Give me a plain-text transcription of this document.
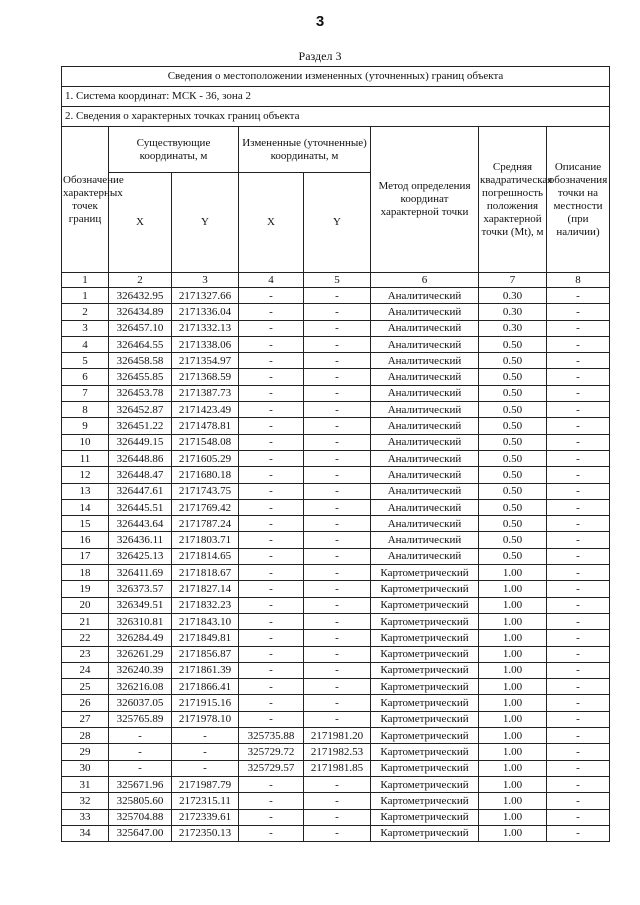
3
Раздел 3
Сведения о местоположении измененных (уточненных) границ объекта							
1. Система координат: МСК - 36, зона 2							
2. Сведения о характерных точках границ объекта							
Обозначение характерных точек границ	Существующие координаты, м		Измененные (уточненные) координаты, м		Метод определения координат характерной точки	Средняя квадратическая погрешность положения характерной точки (Mt), м	Описание обозначения точки на местности (при наличии)
	X	Y	X	Y			
1	2	3	4	5	6	7	8
1	326432.95	2171327.66	-	-	Аналитический	0.30	-
2	326434.89	2171336.04	-	-	Аналитический	0.30	-
3	326457.10	2171332.13	-	-	Аналитический	0.30	-
4	326464.55	2171338.06	-	-	Аналитический	0.50	-
5	326458.58	2171354.97	-	-	Аналитический	0.50	-
6	326455.85	2171368.59	-	-	Аналитический	0.50	-
7	326453.78	2171387.73	-	-	Аналитический	0.50	-
8	326452.87	2171423.49	-	-	Аналитический	0.50	-
9	326451.22	2171478.81	-	-	Аналитический	0.50	-
10	326449.15	2171548.08	-	-	Аналитический	0.50	-
11	326448.86	2171605.29	-	-	Аналитический	0.50	-
12	326448.47	2171680.18	-	-	Аналитический	0.50	-
13	326447.61	2171743.75	-	-	Аналитический	0.50	-
14	326445.51	2171769.42	-	-	Аналитический	0.50	-
15	326443.64	2171787.24	-	-	Аналитический	0.50	-
16	326436.11	2171803.71	-	-	Аналитический	0.50	-
17	326425.13	2171814.65	-	-	Аналитический	0.50	-
18	326411.69	2171818.67	-	-	Картометрический	1.00	-
19	326373.57	2171827.14	-	-	Картометрический	1.00	-
20	326349.51	2171832.23	-	-	Картометрический	1.00	-
21	326310.81	2171843.10	-	-	Картометрический	1.00	-
22	326284.49	2171849.81	-	-	Картометрический	1.00	-
23	326261.29	2171856.87	-	-	Картометрический	1.00	-
24	326240.39	2171861.39	-	-	Картометрический	1.00	-
25	326216.08	2171866.41	-	-	Картометрический	1.00	-
26	326037.05	2171915.16	-	-	Картометрический	1.00	-
27	325765.89	2171978.10	-	-	Картометрический	1.00	-
28	-	-	325735.88	2171981.20	Картометрический	1.00	-
29	-	-	325729.72	2171982.53	Картометрический	1.00	-
30	-	-	325729.57	2171981.85	Картометрический	1.00	-
31	325671.96	2171987.79	-	-	Картометрический	1.00	-
32	325805.60	2172315.11	-	-	Картометрический	1.00	-
33	325704.88	2172339.61	-	-	Картометрический	1.00	-
34	325647.00	2172350.13	-	-	Картометрический	1.00	-
